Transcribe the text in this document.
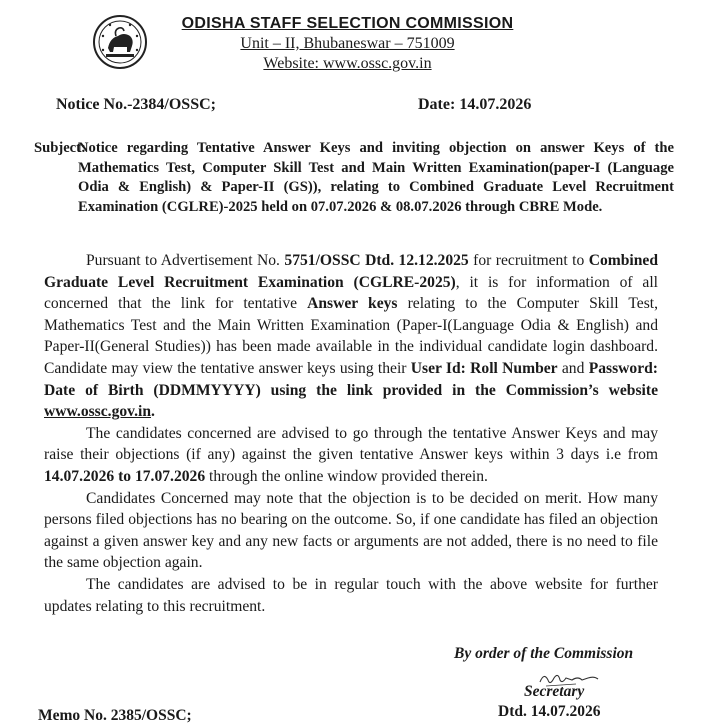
ODISHA STAFF SELECTION COMMISSION
Unit – II, Bhubaneswar – 751009
Website: www.ossc.gov.in
Notice No.-2384/OSSC;	Date: 14.07.2026
Subject:
Notice regarding Tentative Answer Keys and inviting objection on answer Keys of the Mathematics Test, Computer Skill Test and Main Written Examination(paper-I (Language Odia & English) & Paper-II (GS)), relating to Combined Graduate Level Recruitment Examination (CGLRE)-2025 held on 07.07.2026 & 08.07.2026 through CBRE Mode.

Pursuant to Advertisement No. 5751/OSSC Dtd. 12.12.2025 for recruitment to Combined Graduate Level Recruitment Examination (CGLRE-2025), it is for information of all concerned that the link for tentative Answer keys relating to the Computer Skill Test, Mathematics Test and the Main Written Examination (Paper-I(Language Odia & English) and Paper-II(General Studies)) has been made available in the individual candidate login dashboard. Candidate may view the tentative answer keys using their User Id: Roll Number and Password: Date of Birth (DDMMYYYY) using the link provided in the Commission’s website www.ossc.gov.in.

The candidates concerned are advised to go through the tentative Answer Keys and may raise their objections (if any) against the given tentative Answer keys within 3 days i.e from 14.07.2026 to 17.07.2026 through the online window provided therein.

Candidates Concerned may note that the objection is to be decided on merit. How many persons filed objections has no bearing on the outcome. So, if one candidate has filed an objection against a given answer key and any new facts or arguments are not added, there is no need to file the same objection again.

The candidates are advised to be in regular touch with the above website for further updates relating to this recruitment.

By order of the Commission
Secretary
Memo No. 2385/OSSC;	Dtd. 14.07.2026
